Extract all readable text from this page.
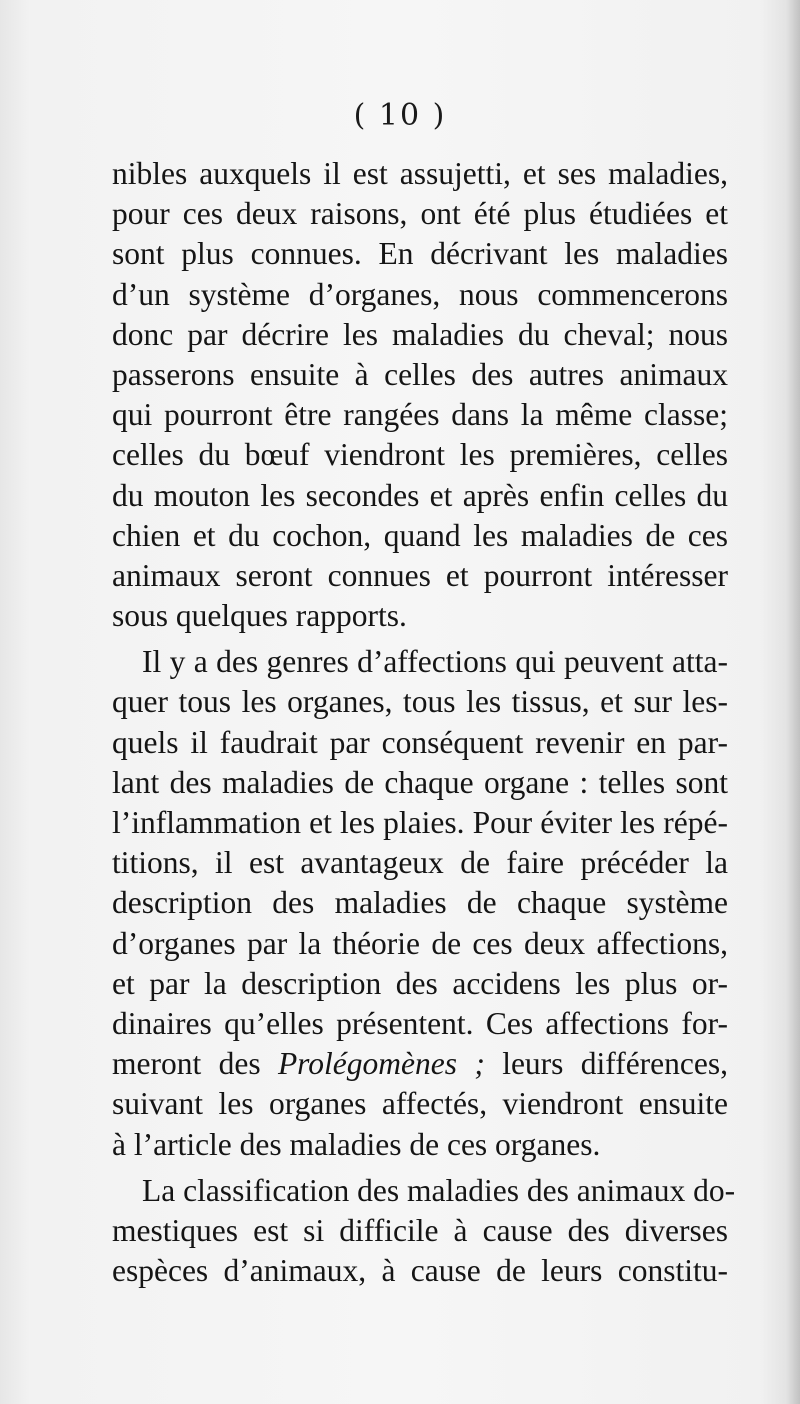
( 10 )
nibles auxquels il est assujetti, et ses maladies,
pour ces deux raisons, ont été plus étudiées et
sont plus connues. En décrivant les maladies
d’un système d’organes, nous commencerons
donc par décrire les maladies du cheval; nous
passerons ensuite à celles des autres animaux
qui pourront être rangées dans la même classe;
celles du bœuf viendront les premières, celles
du mouton les secondes et après enfin celles du
chien et du cochon, quand les maladies de ces
animaux seront connues et pourront intéresser
sous quelques rapports.
Il y a des genres d’affections qui peuvent atta-
quer tous les organes, tous les tissus, et sur les-
quels il faudrait par conséquent revenir en par-
lant des maladies de chaque organe : telles sont
l’inflammation et les plaies. Pour éviter les répé-
titions, il est avantageux de faire précéder la
description des maladies de chaque système
d’organes par la théorie de ces deux affections,
et par la description des accidens les plus or-
dinaires qu’elles présentent. Ces affections for-
meront des Prolégomènes ; leurs différences,
suivant les organes affectés, viendront ensuite
à l’article des maladies de ces organes.
La classification des maladies des animaux do-
mestiques est si difficile à cause des diverses
espèces d’animaux, à cause de leurs constitu-
